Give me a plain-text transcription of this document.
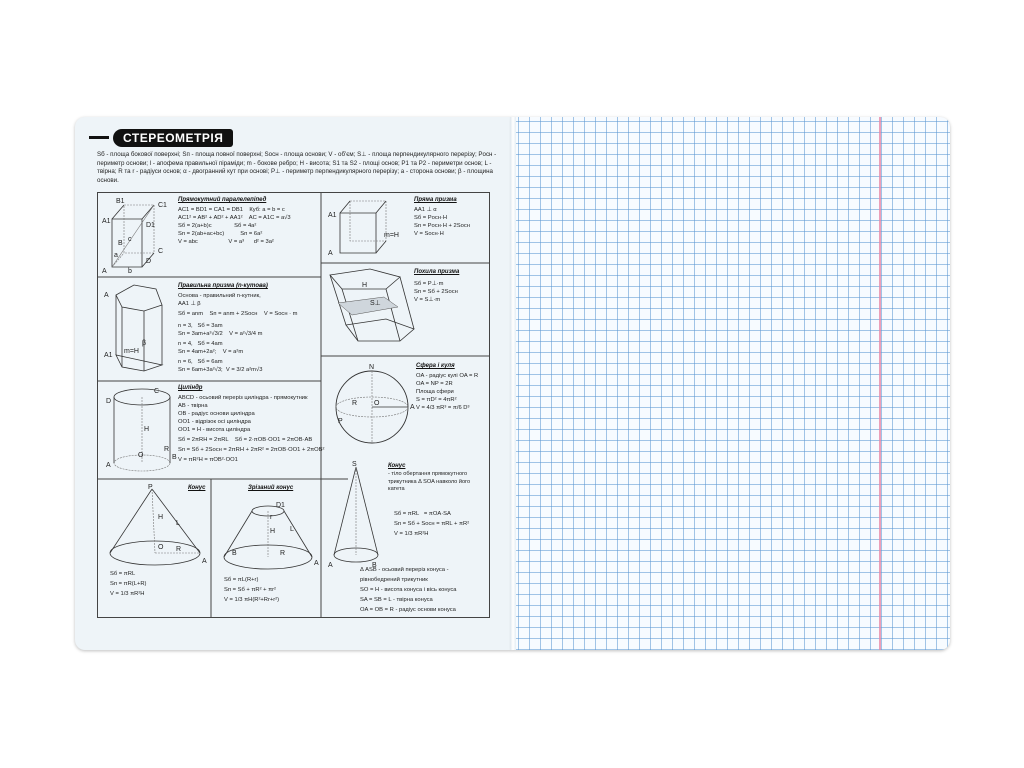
СТЕРЕОМЕТРІЯ
Sб - площа бокової поверхні; Sп - площа повної поверхні; Sосн - площа основи; V - об'єм; S⊥ - площа перпендикулярного перерізу; Pосн - периметр основи; l - апофема правильної піраміди; m - бокове ребро; H - висота; S1 та S2 - площі основ; P1 та P2 - периметри основ; L - твірна; R та r - радіуси основ; α - двогранний кут при основі; P⊥ - периметр перпендикулярного перерізу; a - сторона основи; β - площина основи.
B1
C1
A1
D1
B
C
A
D
b
a
c
Прямокутний паралелепіпед
AC1 = BD1 = CA1 = DB1    Куб: a = b = c
AC1² = AB² + AD² + AA1²    AC = A1C = a√3
Sб = 2(a+b)c              Sб = 4a²
Sп = 2(ab+ac+bc)          Sп = 6a²
V = abc                   V = a³      d² = 3a²
A1
A
m=H
Пряма призма
AA1 ⊥ α
Sб = Pосн·H
Sп = Pосн·H + 2Sосн
V = Sосн·H
A
A1
m=H
β
Правильна призма (n-кутова)
Основа - правильний n-кутник,
AA1 ⊥ β
Sб = anm    Sп = anm + 2Sосн    V = Sосн · m
n = 3,   Sб = 3am
Sп = 3am+a²√3/2    V = a²√3/4 m
n = 4,   Sб = 4am
Sп = 4am+2a²;    V = a²m
n = 6,   Sб = 6am
Sп = 6am+3a²√3;  V = 3/2 a²m√3
H
S⊥
Похила призма
Sб = P⊥·m
Sп = Sб + 2Sосн
V = S⊥·m
C
D
H
O
A
B
R
Циліндр
ABCD - осьовий переріз циліндра - прямокутник
AB - твірна
OB - радіус основи циліндра
OO1 - відрізок осі циліндра
OO1 = H - висота циліндра
Sб = 2πRH = 2πRL    Sб = 2·πOB·OO1 = 2πOB·AB
Sп = Sб + 2Sосн = 2πRH + 2πR² = 2πOB·OO1 + 2πOB²
V = πR²H = πOB²·OO1
N
R O
A
P
Сфера і куля
OA - радіус кулі OA = R
OA = NP = 2R
Площа сфери
S = πD² = 4πR²
V = 4/3 πR³ = π/6 D³
P
H
L
O R
A
Конус
Sб = πRL
Sп = πR(L+R)
V = 1/3 πR²H
D1
r
H L
B	R
A
Зрізаний конус
Sб = πL(R+r)
Sп = Sб + πR² + πr²
V = 1/3 πH(R²+Rr+r²)
S
A	B
Конус
- тіло обертання прямокутного трикутника Δ SOA навколо його катета
Sб = πRL   = πOA·SA
Sп = Sб + Sосн = πRL + πR²
V = 1/3 πR²H
Δ ASB - осьовий переріз конуса -
рівнобедрений трикутник
SO = H - висота конуса і вісь конуса
SA = SB = L - твірна конуса
OA = OB = R - радіус основи конуса
